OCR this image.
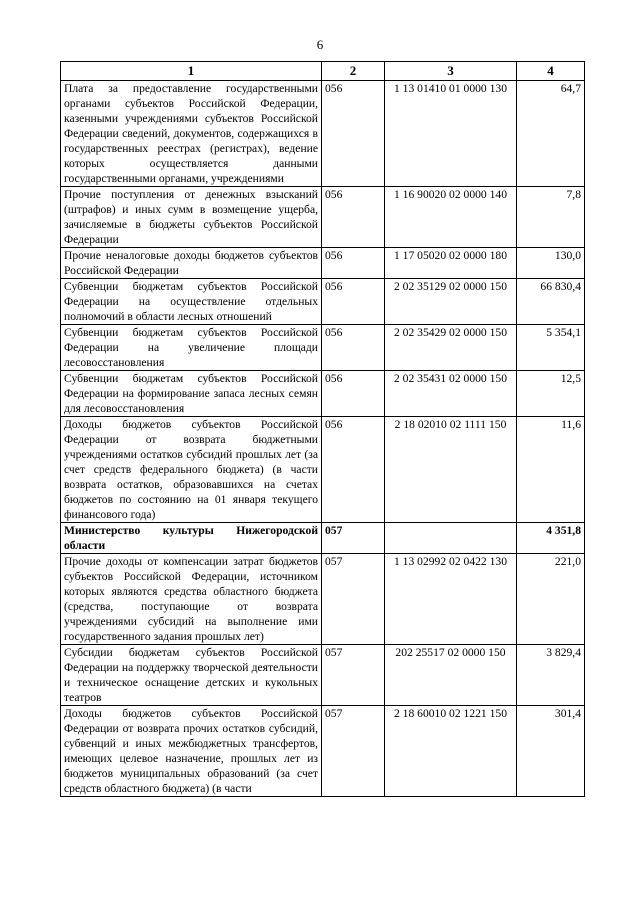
6
1	2	3	4
Плата за предоставление государственными органами субъектов Российской Федерации, казенными учреждениями субъектов Российской Федерации сведений, документов, содержащихся в государственных реестрах (регистрах), ведение которых осуществляется данными государственными органами, учреждениями	056	1 13 01410 01 0000 130	64,7
Прочие поступления от денежных взысканий (штрафов) и иных сумм в возмещение ущерба, зачисляемые в бюджеты субъектов Российской Федерации	056	1 16 90020 02 0000 140	7,8
Прочие неналоговые доходы бюджетов субъектов Российской Федерации	056	1 17 05020 02 0000 180	130,0
Субвенции бюджетам субъектов Российской Федерации на осуществление отдельных полномочий в области лесных отношений	056	2 02 35129 02 0000 150	66 830,4
Субвенции бюджетам субъектов Российской Федерации на увеличение площади лесовосстановления	056	2 02 35429 02 0000 150	5 354,1
Субвенции бюджетам субъектов Российской Федерации на формирование запаса лесных семян для лесовосстановления	056	2 02 35431 02 0000 150	12,5
Доходы бюджетов субъектов Российской Федерации от возврата бюджетными учреждениями остатков субсидий прошлых лет (за счет средств федерального бюджета) (в части возврата остатков, образовавшихся на счетах бюджетов по состоянию на 01 января текущего финансового года)	056	2 18 02010 02 1111 150	11,6
Министерство культуры Нижегородской области	057		4 351,8
Прочие доходы от компенсации затрат бюджетов субъектов Российской Федерации, источником которых являются средства областного бюджета (средства, поступающие от возврата учреждениями субсидий на выполнение ими государственного задания прошлых лет)	057	1 13 02992 02 0422 130	221,0
Субсидии бюджетам субъектов Российской Федерации на поддержку творческой деятельности и техническое оснащение детских и кукольных театров	057	202 25517 02 0000 150	3 829,4
Доходы бюджетов субъектов Российской Федерации от возврата прочих остатков субсидий, субвенций и иных межбюджетных трансфертов, имеющих целевое назначение, прошлых лет из бюджетов муниципальных образований (за счет средств областного бюджета) (в части	057	2 18 60010 02 1221 150	301,4
